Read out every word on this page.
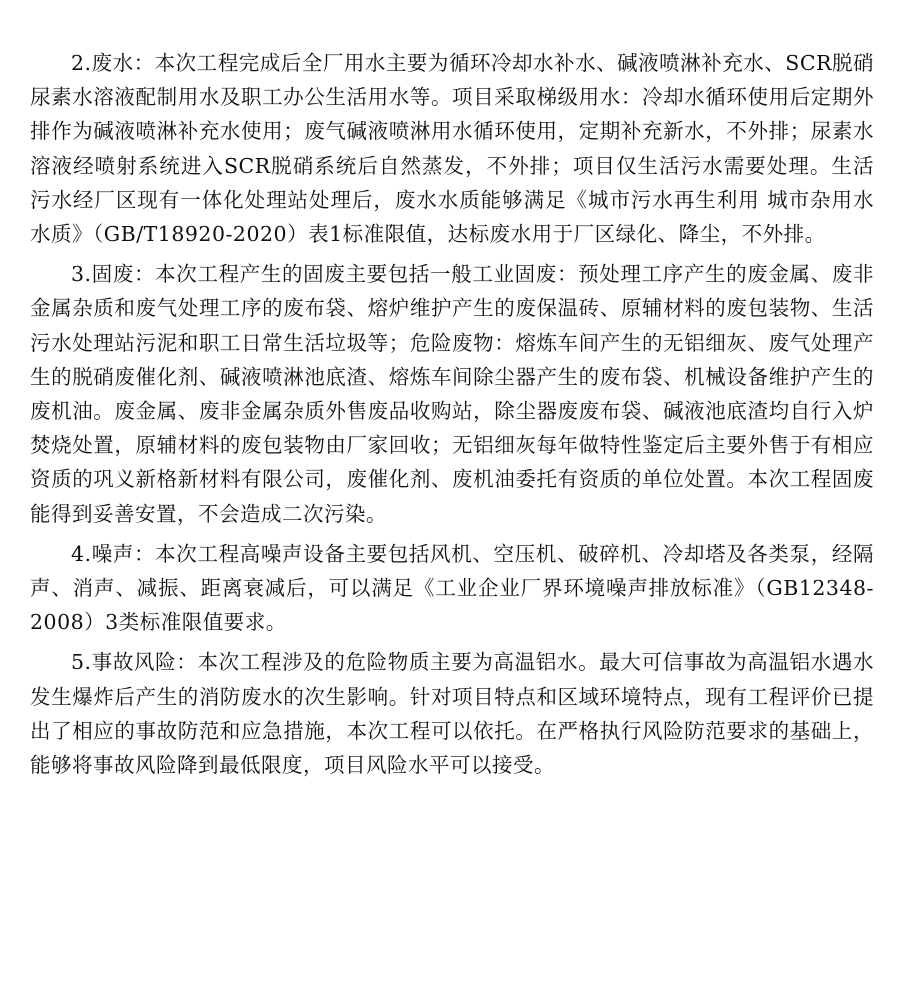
2.废水：本次工程完成后全厂用水主要为循环冷却水补水、碱液喷淋补充水、SCR脱硝尿素水溶液配制用水及职工办公生活用水等。项目采取梯级用水：冷却水循环使用后定期外排作为碱液喷淋补充水使用；废气碱液喷淋用水循环使用，定期补充新水，不外排；尿素水溶液经喷射系统进入SCR脱硝系统后自然蒸发，不外排；项目仅生活污水需要处理。生活污水经厂区现有一体化处理站处理后，废水水质能够满足《城市污水再生利用 城市杂用水水质》（GB/T18920-2020）表1标准限值，达标废水用于厂区绿化、降尘，不外排。

3.固废：本次工程产生的固废主要包括一般工业固废：预处理工序产生的废金属、废非金属杂质和废气处理工序的废布袋、熔炉维护产生的废保温砖、原辅材料的废包装物、生活污水处理站污泥和职工日常生活垃圾等；危险废物：熔炼车间产生的无铝细灰、废气处理产生的脱硝废催化剂、碱液喷淋池底渣、熔炼车间除尘器产生的废布袋、机械设备维护产生的废机油。废金属、废非金属杂质外售废品收购站，除尘器废废布袋、碱液池底渣均自行入炉焚烧处置，原辅材料的废包装物由厂家回收；无铝细灰每年做特性鉴定后主要外售于有相应资质的巩义新格新材料有限公司，废催化剂、废机油委托有资质的单位处置。本次工程固废能得到妥善安置，不会造成二次污染。

4.噪声：本次工程高噪声设备主要包括风机、空压机、破碎机、冷却塔及各类泵，经隔声、消声、减振、距离衰减后，可以满足《工业企业厂界环境噪声排放标准》（GB12348-2008）3类标准限值要求。

5.事故风险：本次工程涉及的危险物质主要为高温铝水。最大可信事故为高温铝水遇水发生爆炸后产生的消防废水的次生影响。针对项目特点和区域环境特点，现有工程评价已提出了相应的事故防范和应急措施，本次工程可以依托。在严格执行风险防范要求的基础上，能够将事故风险降到最低限度，项目风险水平可以接受。
